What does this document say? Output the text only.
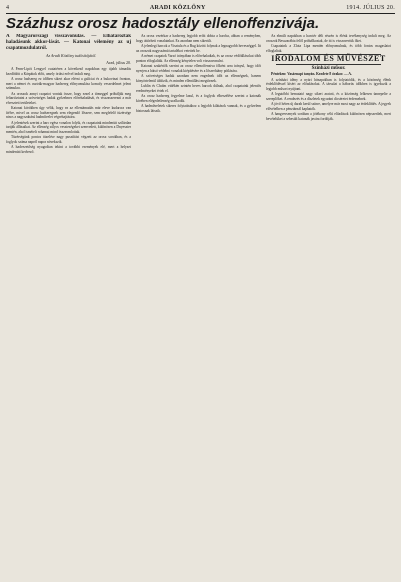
4	ARADI KÖZLÖNY	1914. JÚLIUS 20.
Százhusz orosz hadosztály ellenoffenzivája.
A Magyarországi visszavonulás. — Elhatározták haladásunk akkor-lását. — Katonai vélemény az uj csapatmozdulatról.
Az Aradi Közlöny tudósítójától.
Arad, július 20.

A Fenn-Lipót Lengyel csatatéren a következő napokban egy újabb támadás kezdődött a Kárpátok előtt, amely óriási erővel indult meg.

A orosz hadsereg ez időben sikert akar elérni a galíciai és a bukovinai fronton, mert a német és osztrák-magyar hadsereg előnyomulása komoly veszedelmet jelent számukra.

Az oroszok annyi csapatot vontak össze, hogy ezzel a tömeggel próbálják meg feltartóztatni a szövetséges hadak győzelmes előrehaladását, és visszaszerezni a már elvesztett területeket.

Katonai körökben úgy vélik, hogy ez az ellentámadás már eleve kudarcra van ítélve, mivel az orosz hadseregnek sem elegendő lőszere, sem megfelelő tüzérsége nincs a nagyszabású hadművelet végrehajtására.

A jelentések szerint a harc egész vonalon folyik, és csapataink mindenütt szilárdan tartják állásaikat. Az ellenség súlyos veszteségeket szenvedett, különösen a Dnyeszter mentén, ahol ismételt rohamai mind összeomlottak.

Tüzérségünk pontos tüzelése nagy pusztítást végzett az orosz sorokban, és a foglyok száma napról napra növekszik.

A hadvezetőség nyugodtan tekint a további események elé, mert a helyzet mindenütt kedvező.

Az orosz vezérkar a hadsereg legjobb erőit dobta a harcba, abban a reményben, hogy áttörheti vonalainkat. Ez azonban nem sikerült.

A jelenlegi harcok a Visztula és a Bug között folynak a legnagyobb hevességgel. Itt az oroszok nagyszámú tartalékot vetettek be.

A német csapatok Varsó irányában is előrehaladtak, és az orosz védőállásokat több ponton elfoglalták. Az ellenség kénytelen volt visszavonulni.

Katonai szakértők szerint az orosz ellenoffenziva főként arra irányul, hogy időt nyerjen a hátsó védelmi vonalak kiépítésére és a lőszerhiány pótlására.

A szövetséges hadak azonban nem engednek időt az ellenségnek, hanem könyörtelenül üldözik, és minden ellenállást megtörnek.

Lublin és Cholm vidékén szintén heves harcok dúlnak, ahol csapataink jelentős eredményeket értek el.

Az orosz hadsereg fegyelme lazul, és a foglyok elbeszélése szerint a katonák körében elégedetlenség uralkodik.

A hadműveletek sikeres folytatásához a legjobb kilátások vannak, és a győzelem biztosnak látszik.

Az elmúlt napokban a harctér déli részén is élénk tevékenység indult meg. Az oroszok Besszarábia felől próbálkoztak, de itt is visszavertük őket.

Csapataink a Zlota Lipa mentén előnyomulnak, és több fontos magaslatot elfoglaltak.

IRODALOM ÉS MŰVÉSZET
Színházi műsor.

Pénteken: Vasárnapi tanyán. Kezdete 8 órakor. — A.

A színházi idény a nyári hónapokban is folytatódik, és a közönség élénk érdeklődéssel kíséri az előadásokat. A társulat a háborús időkben is igyekszik a legjobb műsort nyújtani.

A legutóbbi bemutató nagy sikert aratott, és a közönség lelkesen ünnepelte a szereplőket. A rendezés és a díszletek egyaránt dicséretet érdemelnek.

A jövő héten új darab kerül színre, amelyre már most nagy az érdeklődés. A jegyek elővételben a pénztárnál kaphatók.

A hangversenyek sorában a jótékony célú előadások különösen népszerűek, mert bevételüket a sebesült katonák javára fordítják.
